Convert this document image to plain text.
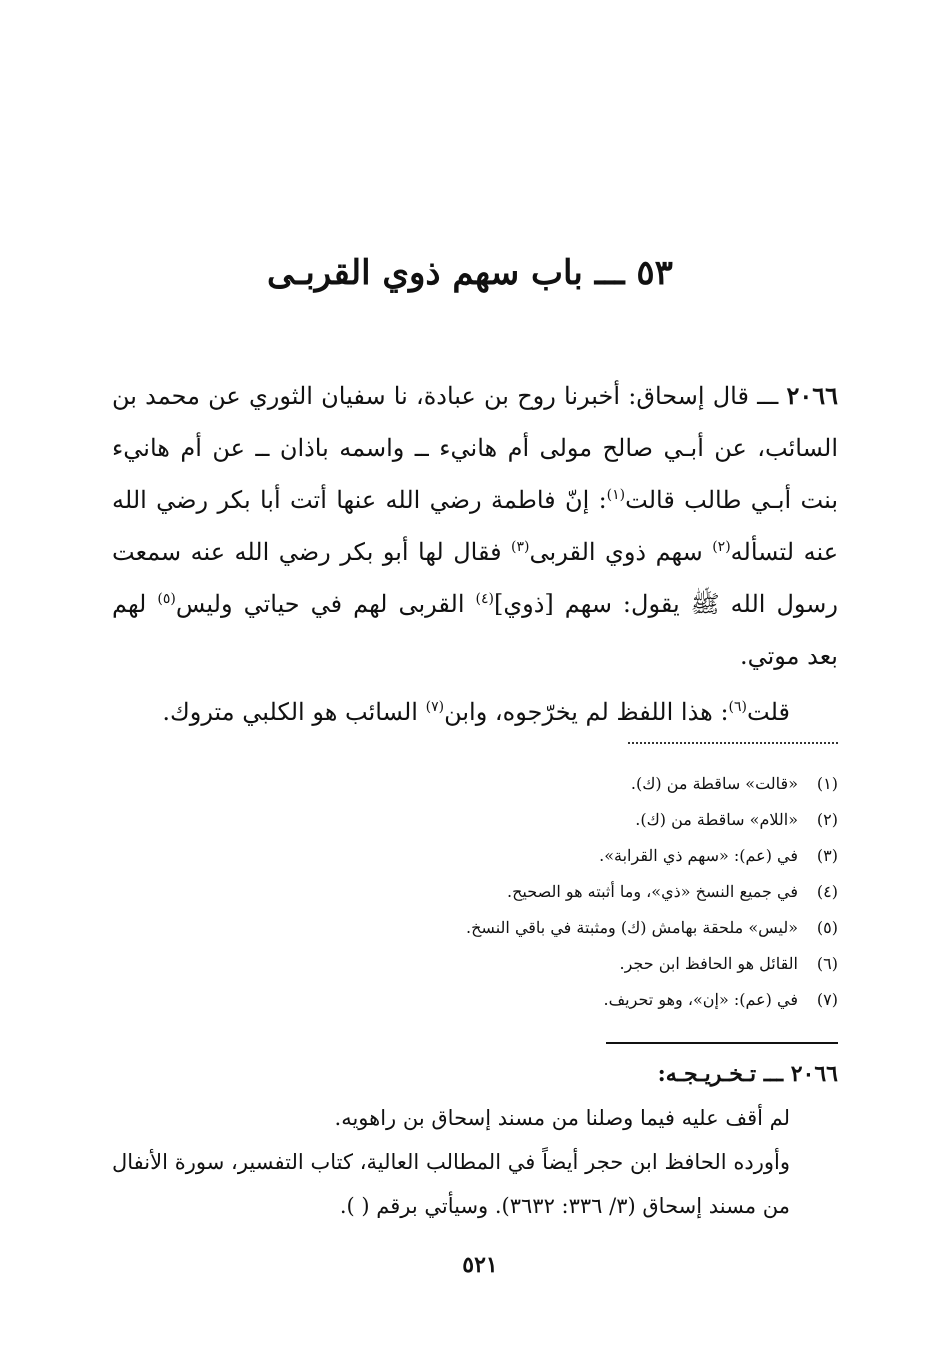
٥٣ ـــ باب سهم ذوي القربـى

٢٠٦٦ ـــ قال إسحاق: أخبرنا روح بن عبادة، نا سفيان الثوري عن محمد بن السائب، عن أبـي صالح مولى أم هانيء ــ واسمه باذان ــ عن أم هانيء بنت أبـي طالب قالت$^{(١)}$: إنّ فاطمة رضي الله عنها أتت أبا بكر رضي الله عنه لتسأله$^{(٢)}$ سهم ذوي القربى$^{(٣)}$ فقال لها أبو بكر رضي الله عنه سمعت رسول الله ﷺ يقول: سهم [ذوي]$^{(٤)}$ القربى لهم في حياتي وليس$^{(٥)}$ لهم بعد موتي.

قلت$^{(٦)}$: هذا اللفظ لم يخرّجوه، وابن$^{(٧)}$ السائب هو الكلبي متروك.

(١)
«قالت» ساقطة من (ك).
(٢)
«اللام» ساقطة من (ك).
(٣)
في (عم): «سهم ذي القرابة».
(٤)
في جميع النسخ «ذي»، وما أثبته هو الصحيح.
(٥)
«ليس» ملحقة بهامش (ك) ومثبتة في باقي النسخ.
(٦)
القائل هو الحافظ ابن حجر.
(٧)
في (عم): «إن»، وهو تحريف.

٢٠٦٦ ـــ تـخـريـجـه:

لم أقف عليه فيما وصلنا من مسند إسحاق بن راهويه.

وأورده الحافظ ابن حجر أيضاً في المطالب العالية، كتاب التفسير، سورة الأنفال من مسند إسحاق (٣/ ٣٣٦: ٣٦٣٢). وسيأتي برقم ( ).

٥٢١
